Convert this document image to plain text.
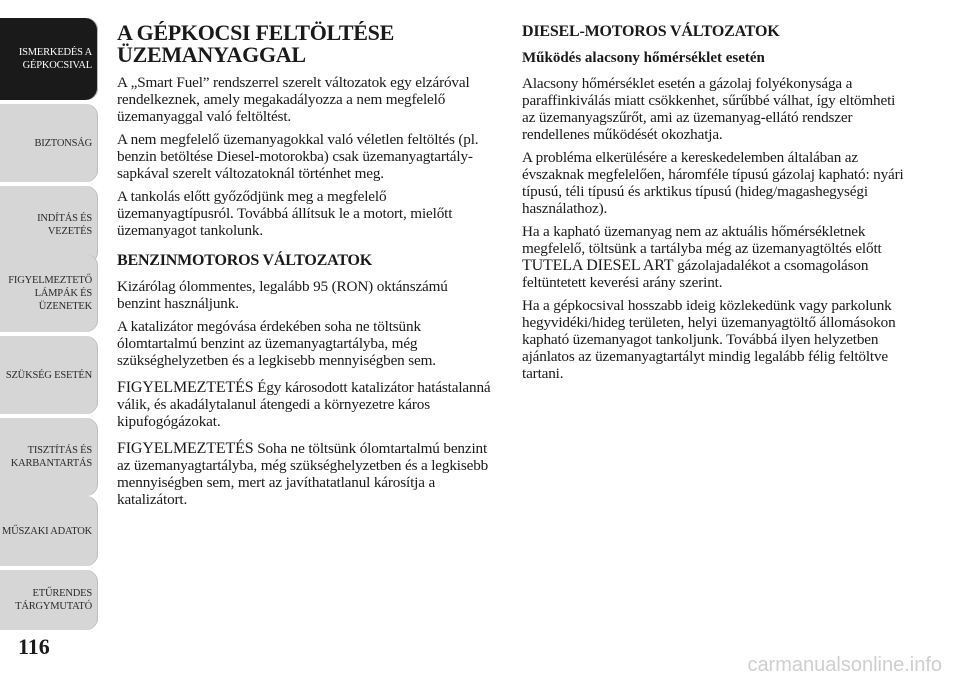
ISMERKEDÉS A
GÉPKOCSIVAL
BIZTONSÁG
INDÍTÁS ÉS
VEZETÉS
FIGYELMEZTETŐ
LÁMPÁK ÉS
ÜZENETEK
SZÜKSÉG ESETÉN
TISZTÍTÁS ÉS
KARBANTARTÁS
MŰSZAKI ADATOK
ETŰRENDES
TÁRGYMUTATÓ
116
A GÉPKOCSI FELTÖLTÉSE
ÜZEMANYAGGAL

A „Smart Fuel” rendszerrel szerelt változatok egy elzáróval rendelkeznek, amely megakadályozza a nem megfelelő üzemanyaggal való feltöltést.

A nem megfelelő üzemanyagokkal való véletlen feltöltés (pl. benzin betöltése Diesel-motorokba) csak üzemanyagtartály-sapkával szerelt változatoknál történhet meg.

A tankolás előtt győződjünk meg a megfelelő üzemanyagtípusról. Továbbá állítsuk le a motort, mielőtt üzemanyagot tankolunk.

BENZINMOTOROS VÁLTOZATOK

Kizárólag ólommentes, legalább 95 (RON) oktánszámú benzint használjunk.

A katalizátor megóvása érdekében soha ne töltsünk ólomtartalmú benzint az üzemanyagtartályba, még szükséghelyzetben és a legkisebb mennyiségben sem.

FIGYELMEZTETÉS Égy károsodott katalizátor hatástalanná válik, és akadálytalanul átengedi a környezetre káros kipufogógázokat.

FIGYELMEZTETÉS Soha ne töltsünk ólomtartalmú benzint az üzemanyagtartályba, még szükséghelyzetben és a legkisebb mennyiségben sem, mert az javíthatatlanul károsítja a katalizátort.

DIESEL-MOTOROS VÁLTOZATOK
Működés alacsony hőmérséklet esetén

Alacsony hőmérséklet esetén a gázolaj folyékonysága a paraffinkiválás miatt csökkenhet, sűrűbbé válhat, így eltömheti az üzemanyagszűrőt, ami az üzemanyag-ellátó rendszer rendellenes működését okozhatja.

A probléma elkerülésére a kereskedelemben általában az évszaknak megfelelően, háromféle típusú gázolaj kapható: nyári típusú, téli típusú és arktikus típusú (hideg/magashegységi használathoz).

Ha a kapható üzemanyag nem az aktuális hőmérsékletnek megfelelő, töltsünk a tartályba még az üzemanyagtöltés előtt TUTELA DIESEL ART gázolajadalékot a csomagoláson feltüntetett keverési arány szerint.

Ha a gépkocsival hosszabb ideig közlekedünk vagy parkolunk hegyvidéki/hideg területen, helyi üzemanyagtöltő állomásokon kapható üzemanyagot tankoljunk. Továbbá ilyen helyzetben ajánlatos az üzemanyagtartályt mindig legalább félig feltöltve tartani.

carmanualsonline.info
